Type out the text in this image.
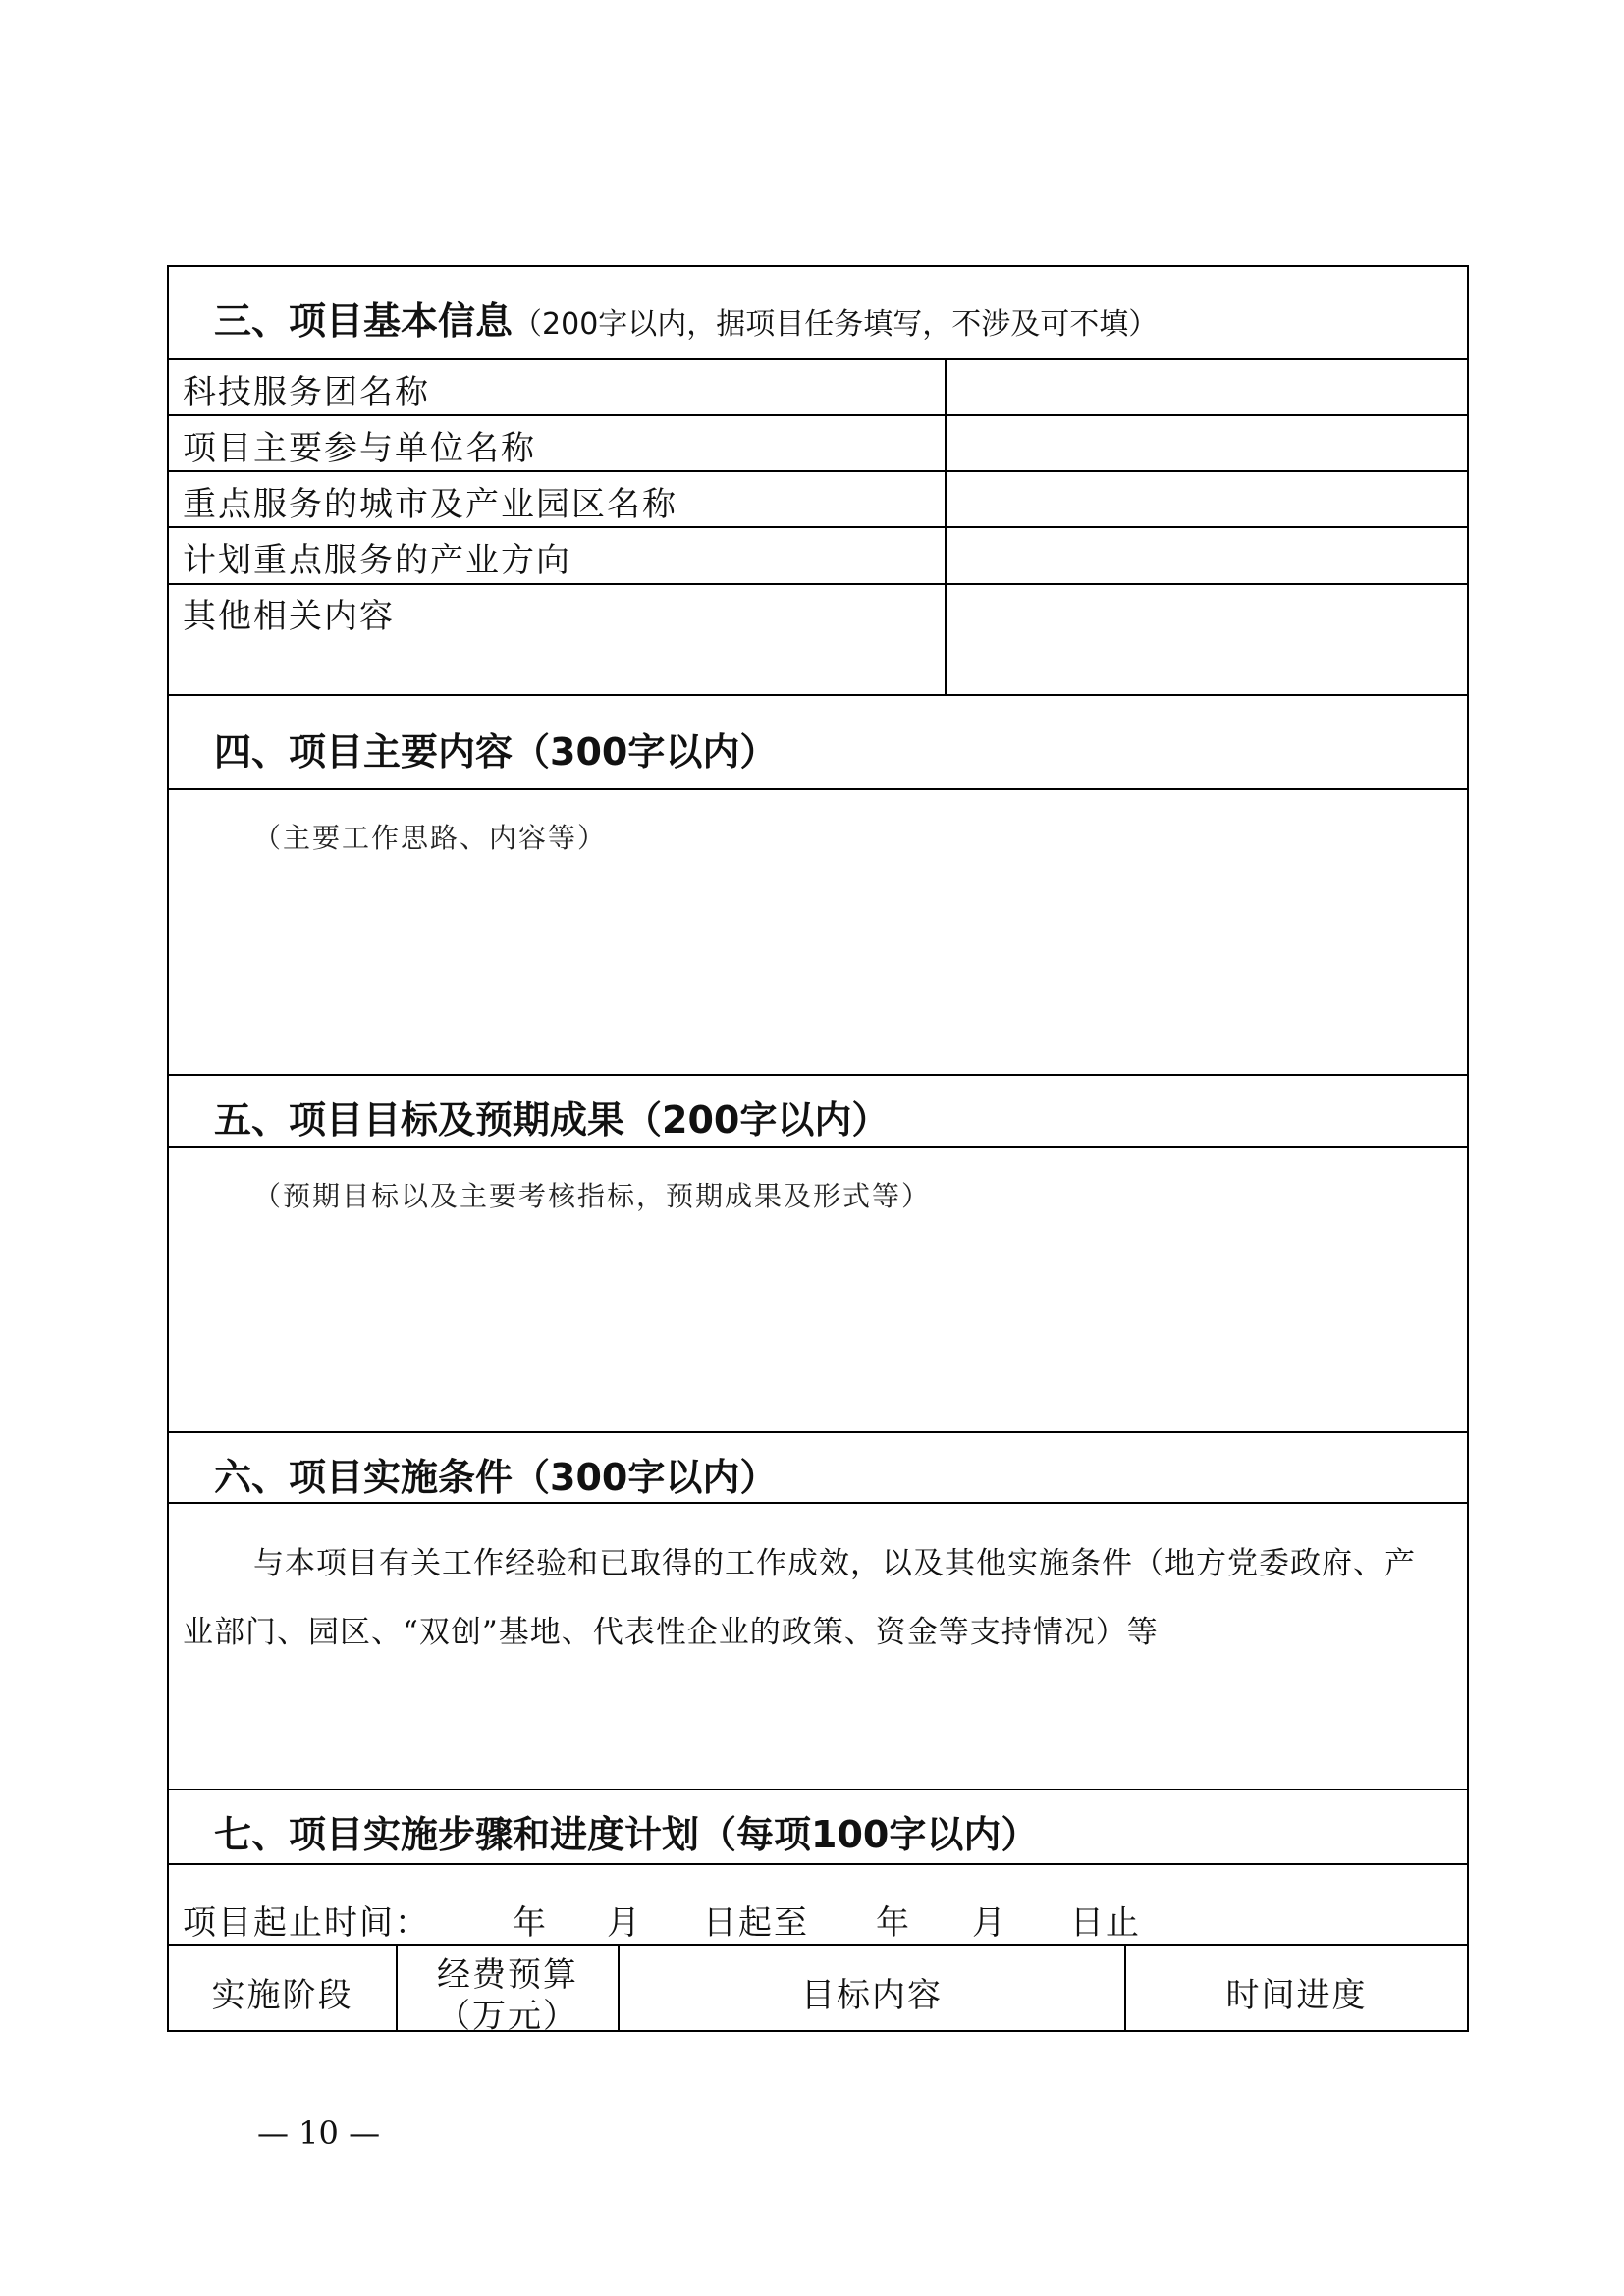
三、项目基本信息（200字以内，据项目任务填写，不涉及可不填）
科技服务团名称
项目主要参与单位名称
重点服务的城市及产业园区名称
计划重点服务的产业方向
其他相关内容
四、项目主要内容（300字以内）
（主要工作思路、内容等）
五、项目目标及预期成果（200字以内）
（预期目标以及主要考核指标，预期成果及形式等）
六、项目实施条件（300字以内）
与本项目有关工作经验和已取得的工作成效，以及其他实施条件（地方党委政府、产
业部门、园区、“双创”基地、代表性企业的政策、资金等支持情况）等
七、项目实施步骤和进度计划（每项100字以内）
项目起止时间： 年 月 日起至 年 月 日止
实施阶段
经费预算
（万元）
目标内容	时间进度
— 10 —
